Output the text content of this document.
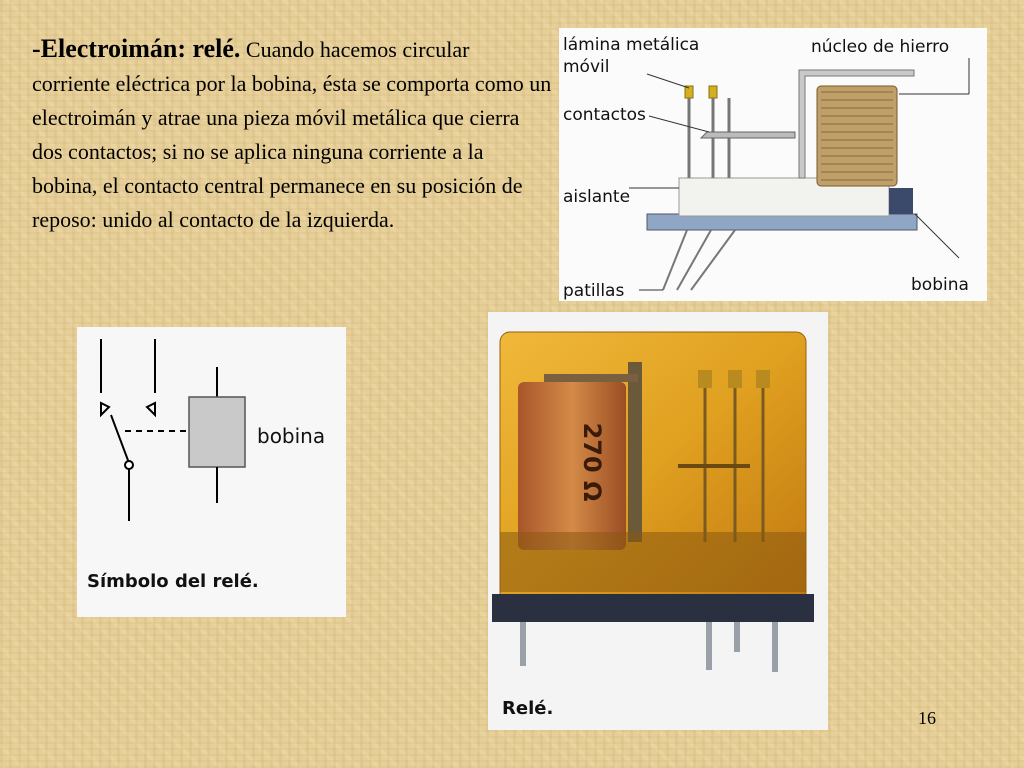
-Electroimán: relé. Cuando hacemos circular corriente eléctrica por la bobina, ésta se comporta como un electroimán y atrae una pieza móvil metálica que cierra dos contactos; si no se aplica ninguna corriente a la bobina, el contacto central permanece en su posición de reposo: unido al contacto de la izquierda.
lámina metálica
móvil
núcleo de hierro
contactos
aislante
patillas	bobina
bobina
Símbolo del relé.
270 Ω
Relé.	16
